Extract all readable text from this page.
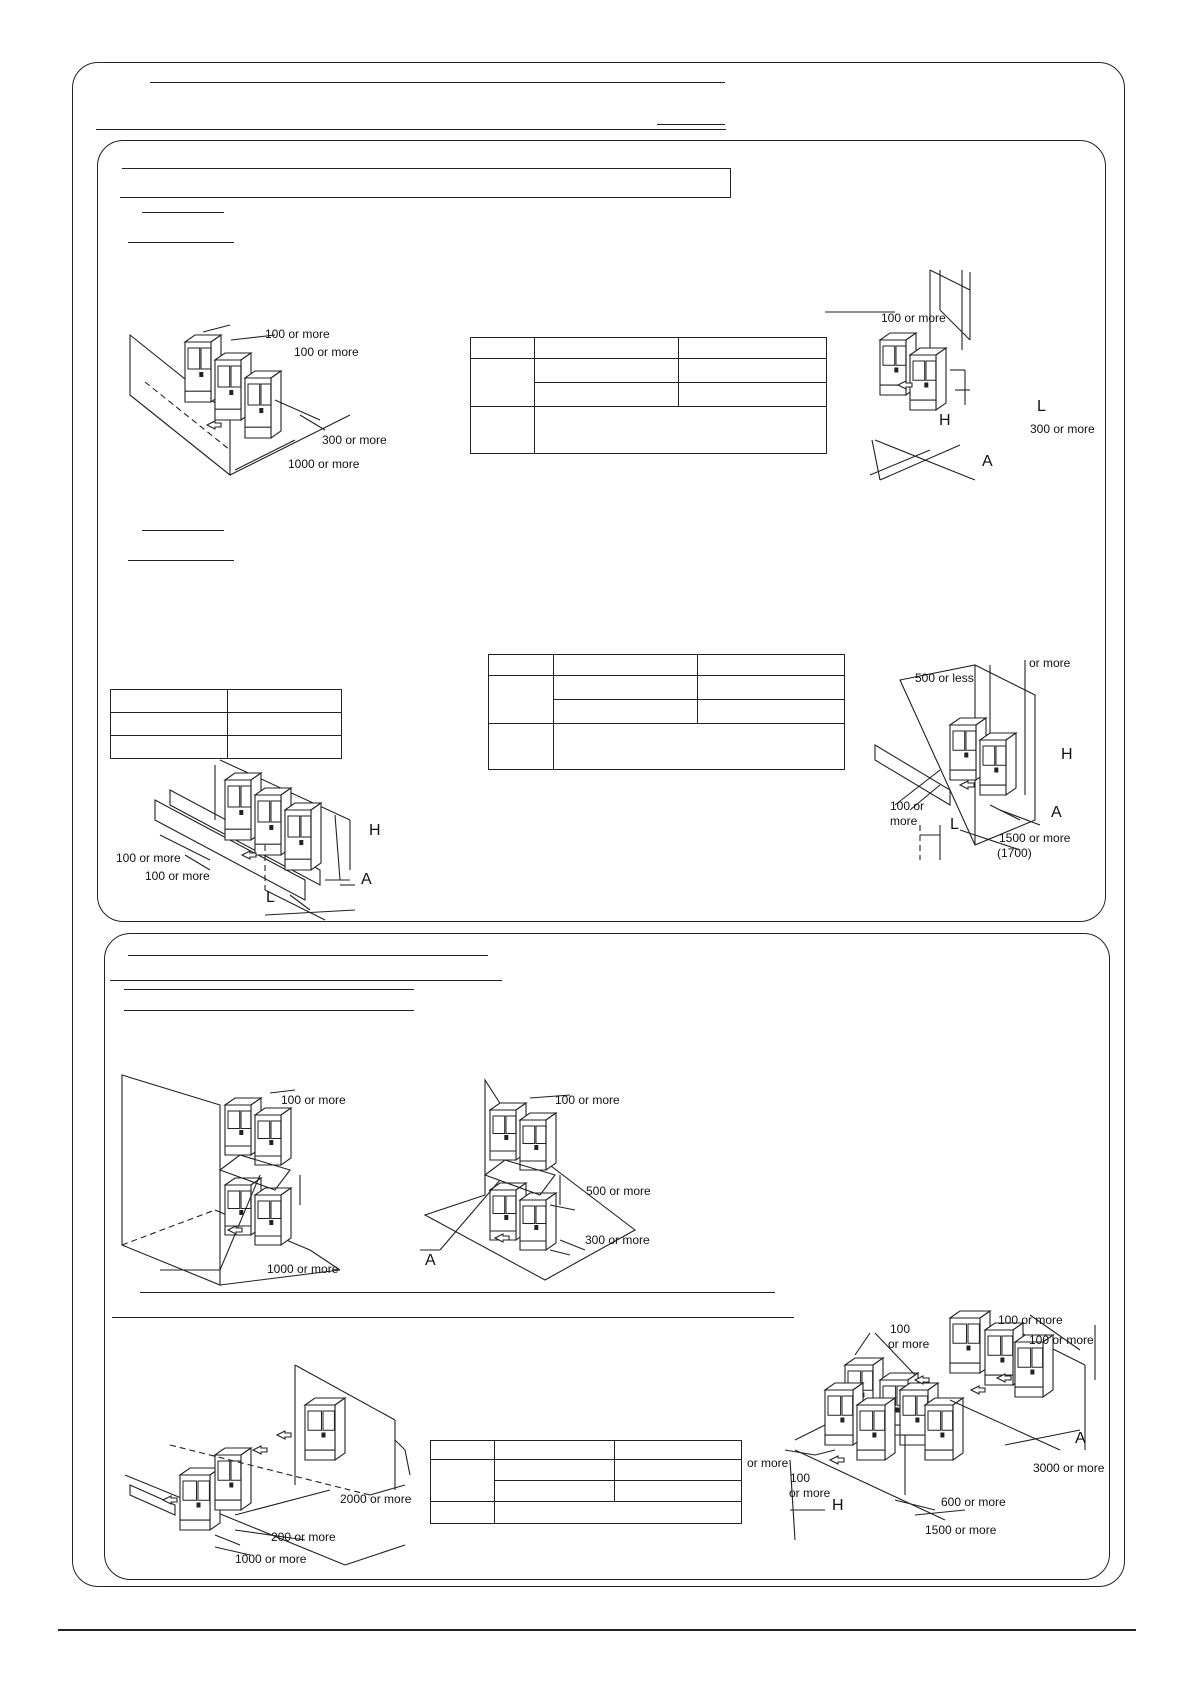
100 or more
100 or more
300 or more
1000 or more
100 or more
H
L
300 or more
A
H
100 or more
100 or more	A
L
or more
500 or less
H
100 or	A
more L
1500 or more
(1700)
100 or more
1000 or more
100 or more
500 or more
300 or more
A
2000 or more
200 or more
1000 or more
100 or more
100
100 or more
or more
A
or more	3000 or more
100
or more
H	600 or more
1500 or more
